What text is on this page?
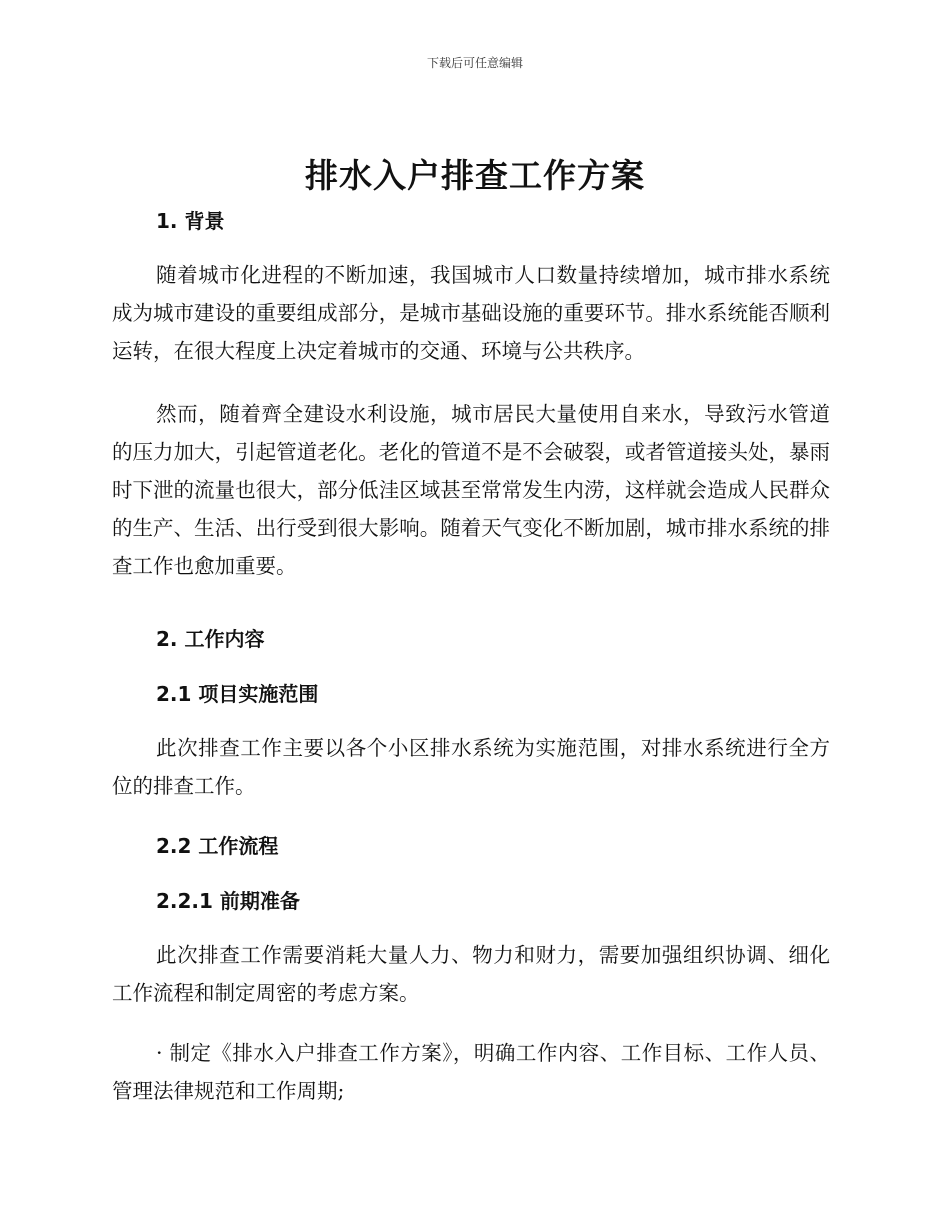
下载后可任意编辑
排水入户排查工作方案
1. 背景
随着城市化进程的不断加速，我国城市人口数量持续增加，城市排水系统成为城市建设的重要组成部分，是城市基础设施的重要环节。排水系统能否顺利运转，在很大程度上决定着城市的交通、环境与公共秩序。
然而，随着齊全建设水利设施，城市居民大量使用自来水，导致污水管道的压力加大，引起管道老化。老化的管道不是不会破裂，或者管道接头处，暴雨时下泄的流量也很大，部分低洼区域甚至常常发生内涝，这样就会造成人民群众的生产、生活、出行受到很大影响。随着天气变化不断加剧，城市排水系统的排查工作也愈加重要。
2. 工作内容
2.1 项目实施范围
此次排查工作主要以各个小区排水系统为实施范围，对排水系统进行全方位的排查工作。
2.2 工作流程
2.2.1 前期准备
此次排查工作需要消耗大量人力、物力和财力，需要加强组织协调、细化工作流程和制定周密的考虑方案。
· 制定《排水入户排查工作方案》，明确工作内容、工作目标、工作人员、管理法律规范和工作周期;
